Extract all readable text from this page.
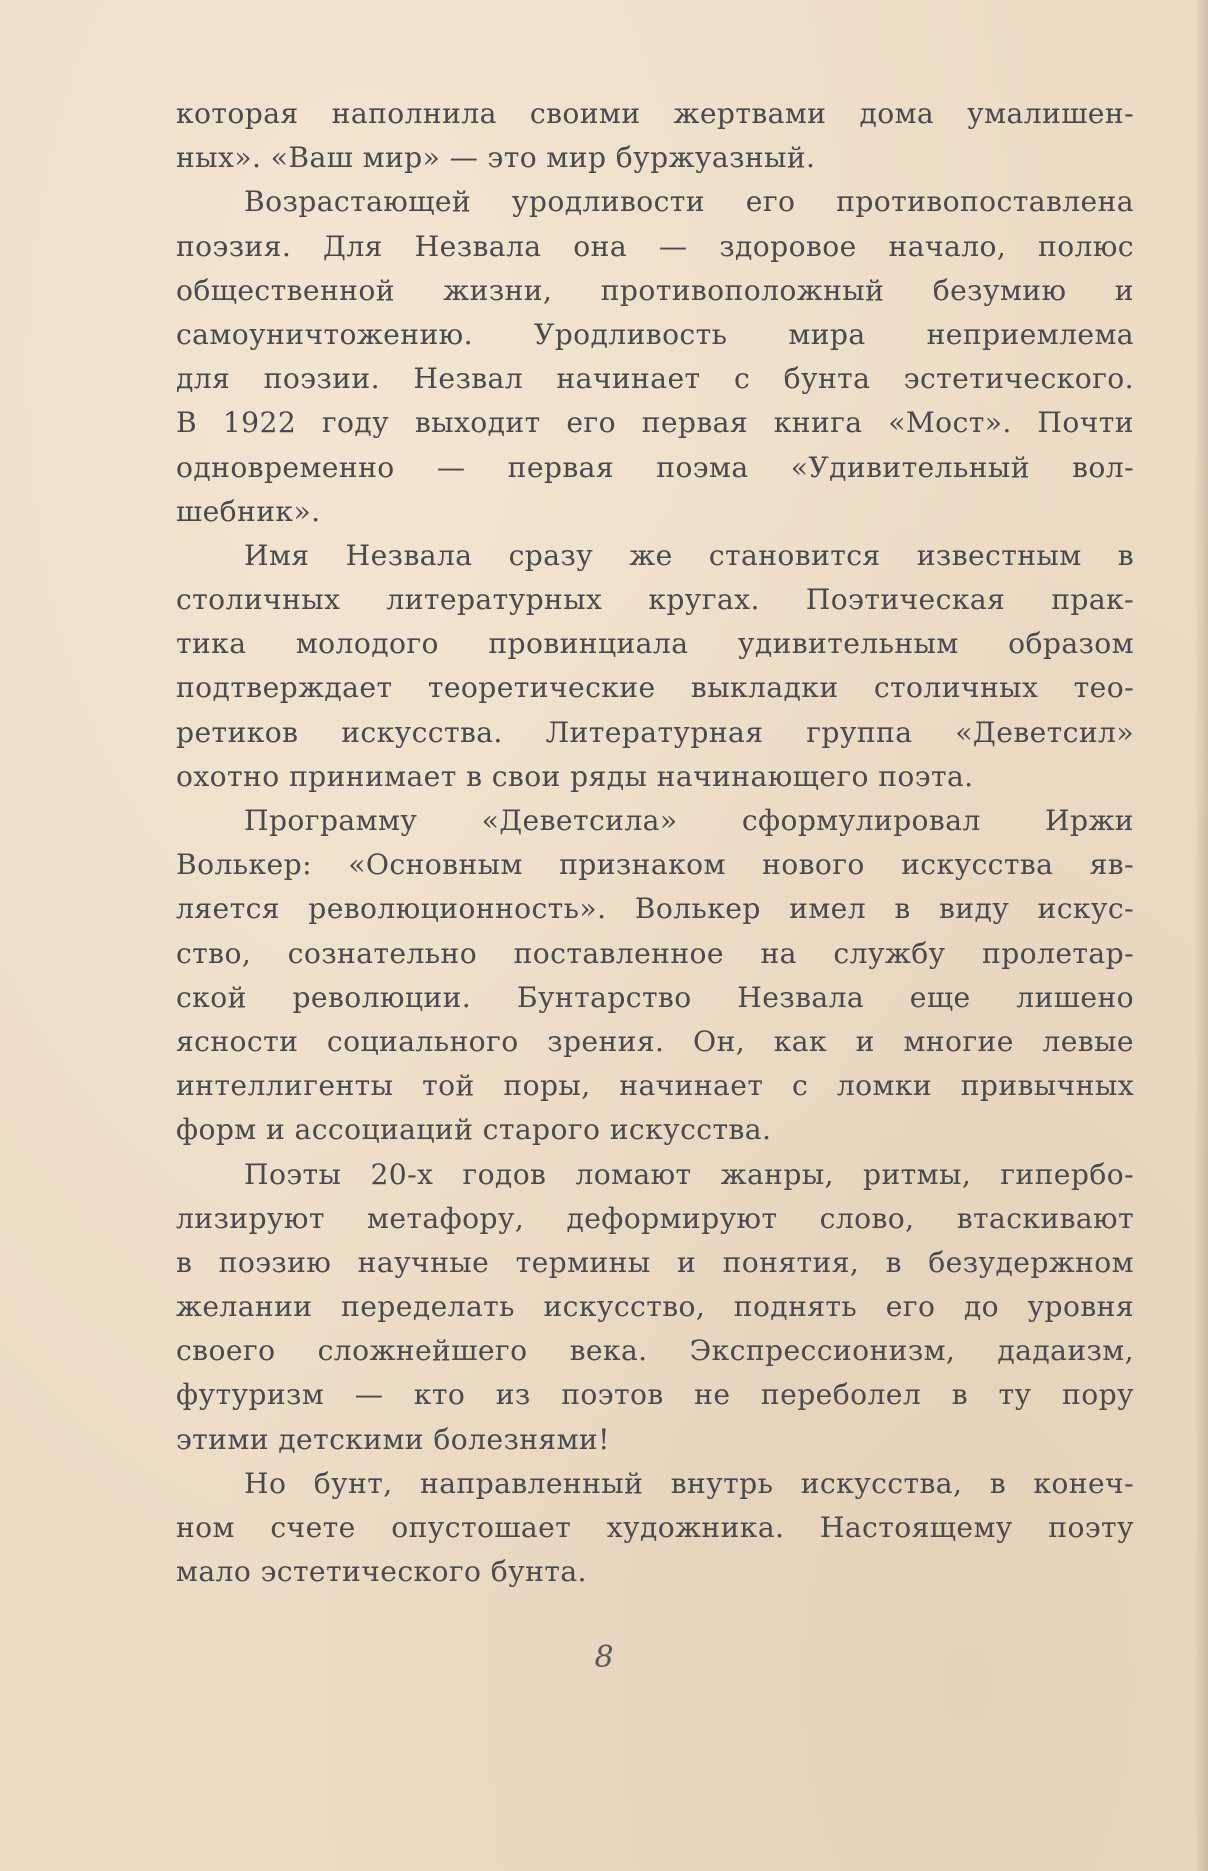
которая наполнила своими жертвами дома умалишен-
ных». «Ваш мир» — это мир буржуазный.
Возрастающей уродливости его противопоставлена
поэзия. Для Незвала она — здоровое начало, полюс
общественной жизни, противоположный безумию и
самоуничтожению. Уродливость мира неприемлема
для поэзии. Незвал начинает с бунта эстетического.
В 1922 году выходит его первая книга «Мост». Почти
одновременно — первая поэма «Удивительный вол-
шебник».
Имя Незвала сразу же становится известным в
столичных литературных кругах. Поэтическая прак-
тика молодого провинциала удивительным образом
подтверждает теоретические выкладки столичных тео-
ретиков искусства. Литературная группа «Деветсил»
охотно принимает в свои ряды начинающего поэта.
Программу «Деветсила» сформулировал Иржи
Волькер: «Основным признаком нового искусства яв-
ляется революционность». Волькер имел в виду искус-
ство, сознательно поставленное на службу пролетар-
ской революции. Бунтарство Незвала еще лишено
ясности социального зрения. Он, как и многие левые
интеллигенты той поры, начинает с ломки привычных
форм и ассоциаций старого искусства.
Поэты 20-х годов ломают жанры, ритмы, гипербо-
лизируют метафору, деформируют слово, втаскивают
в поэзию научные термины и понятия, в безудержном
желании переделать искусство, поднять его до уровня
своего сложнейшего века. Экспрессионизм, дадаизм,
футуризм — кто из поэтов не переболел в ту пору
этими детскими болезнями!
Но бунт, направленный внутрь искусства, в конеч-
ном счете опустошает художника. Настоящему поэту
мало эстетического бунта.
8
